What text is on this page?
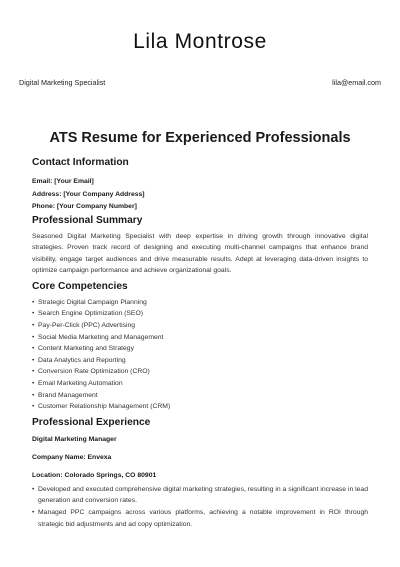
Lila Montrose
Digital Marketing Specialist	lila@email.com
ATS Resume for Experienced Professionals
Contact Information
Email: [Your Email]
Address: [Your Company Address]
Phone: [Your Company Number]
Professional Summary
Seasoned Digital Marketing Specialist with deep expertise in driving growth through innovative digital strategies. Proven track record of designing and executing multi-channel campaigns that enhance brand visibility, engage target audiences and drive measurable results. Adept at leveraging data-driven insights to optimize campaign performance and achieve organizational goals.
Core Competencies
• Strategic Digital Campaign Planning
• Search Engine Optimization (SEO)
• Pay-Per-Click (PPC) Advertising
• Social Media Marketing and Management
• Content Marketing and Strategy
• Data Analytics and Reporting
• Conversion Rate Optimization (CRO)
• Email Marketing Automation
• Brand Management
• Customer Relationship Management (CRM)
Professional Experience
Digital Marketing Manager
Company Name: Envexa
Location: Colorado Springs, CO 80901
• Developed and executed comprehensive digital marketing strategies, resulting in a significant increase in lead generation and conversion rates.
• Managed PPC campaigns across various platforms, achieving a notable improvement in ROI through strategic bid adjustments and ad copy optimization.
